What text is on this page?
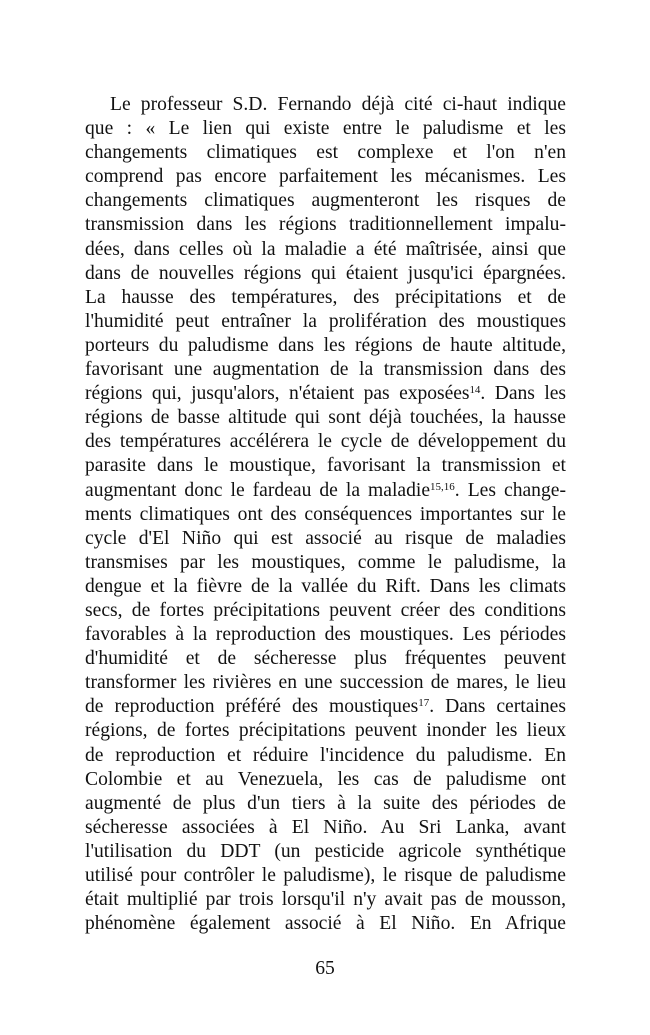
Le professeur S.D. Fernando déjà cité ci-haut indique
que : « Le lien qui existe entre le paludisme et les
changements climatiques est complexe et l'on n'en
comprend pas encore parfaitement les mécanismes. Les
changements climatiques augmenteront les risques de
transmission dans les régions traditionnellement impalu-
dées, dans celles où la maladie a été maîtrisée, ainsi que
dans de nouvelles régions qui étaient jusqu'ici épargnées.
La hausse des températures, des précipitations et de
l'humidité peut entraîner la prolifération des moustiques
porteurs du paludisme dans les régions de haute altitude,
favorisant une augmentation de la transmission dans des
régions qui, jusqu'alors, n'étaient pas exposées$^{14}$. Dans les
régions de basse altitude qui sont déjà touchées, la hausse
des températures accélérera le cycle de développement du
parasite dans le moustique, favorisant la transmission et
augmentant donc le fardeau de la maladie$^{15,16}$. Les change-
ments climatiques ont des conséquences importantes sur le
cycle d'El Niño qui est associé au risque de maladies
transmises par les moustiques, comme le paludisme, la
dengue et la fièvre de la vallée du Rift. Dans les climats
secs, de fortes précipitations peuvent créer des conditions
favorables à la reproduction des moustiques. Les périodes
d'humidité et de sécheresse plus fréquentes peuvent
transformer les rivières en une succession de mares, le lieu
de reproduction préféré des moustiques$^{17}$. Dans certaines
régions, de fortes précipitations peuvent inonder les lieux
de reproduction et réduire l'incidence du paludisme. En
Colombie et au Venezuela, les cas de paludisme ont
augmenté de plus d'un tiers à la suite des périodes de
sécheresse associées à El Niño. Au Sri Lanka, avant
l'utilisation du DDT (un pesticide agricole synthétique
utilisé pour contrôler le paludisme), le risque de paludisme
était multiplié par trois lorsqu'il n'y avait pas de mousson,
phénomène également associé à El Niño. En Afrique
65
